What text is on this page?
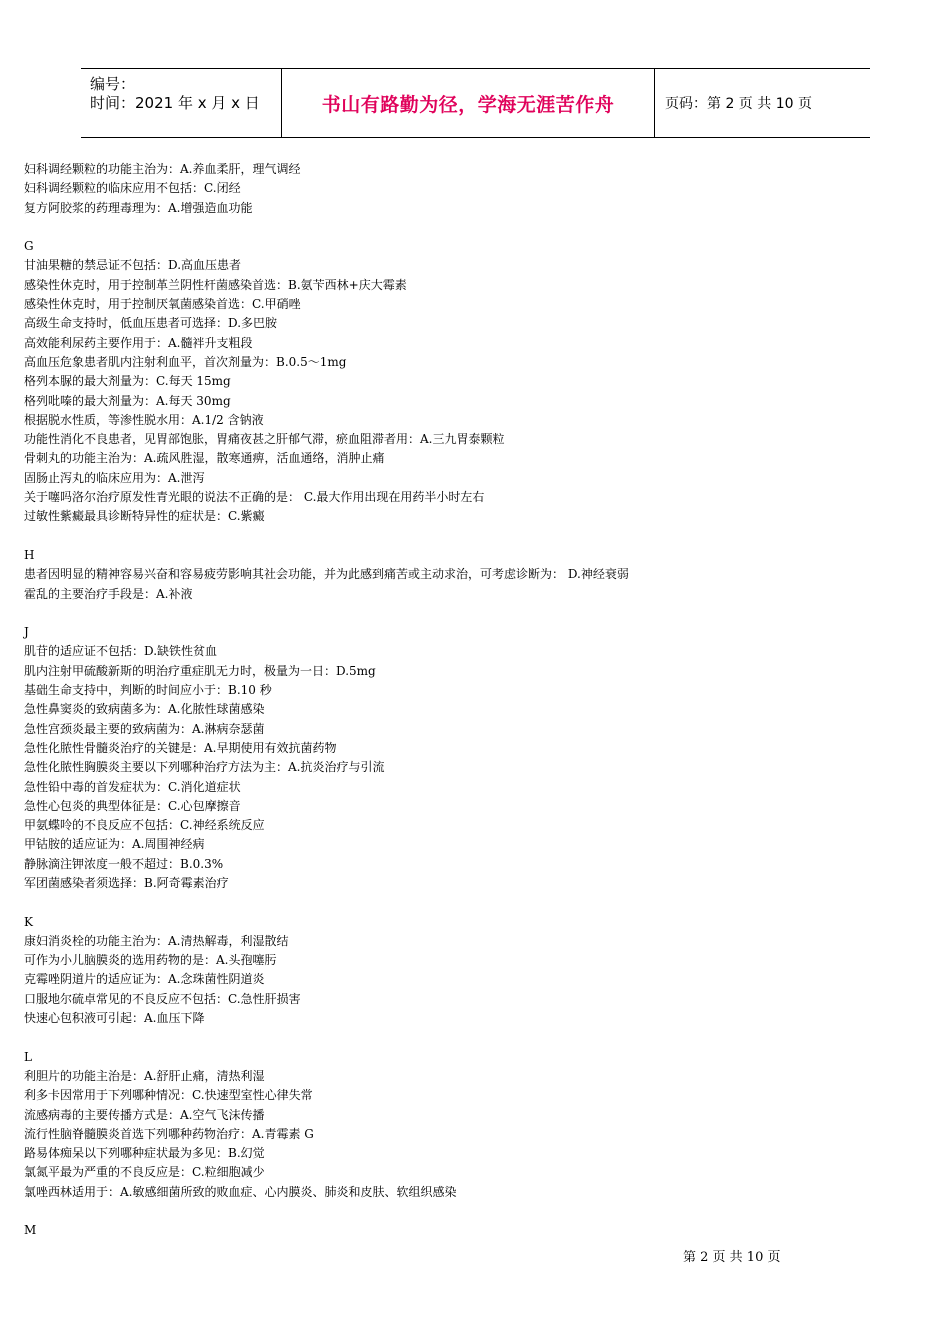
编号：
时间：2021 年 x 月 x 日	书山有路勤为径，学海无涯苦作舟	页码：第 2 页 共 10 页
妇科调经颗粒的功能主治为：A.养血柔肝，理气调经
妇科调经颗粒的临床应用不包括：C.闭经
复方阿胶浆的药理毒理为：A.增强造血功能
G
甘油果糖的禁忌证不包括：D.高血压患者
感染性休克时，用于控制革兰阴性杆菌感染首选：B.氨苄西林+庆大霉素
感染性休克时，用于控制厌氧菌感染首选：C.甲硝唑
高级生命支持时，低血压患者可选择：D.多巴胺
高效能利尿药主要作用于：A.髓袢升支粗段
高血压危象患者肌内注射利血平，首次剂量为：B.0.5～1mg
格列本脲的最大剂量为：C.每天 15mg
格列吡嗪的最大剂量为：A.每天 30mg
根据脱水性质，等渗性脱水用：A.1/2 含钠液
功能性消化不良患者，见胃部饱胀，胃痛夜甚之肝郁气滞，瘀血阻滞者用：A.三九胃泰颗粒
骨刺丸的功能主治为：A.疏风胜湿，散寒通痹，活血通络，消肿止痛
固肠止泻丸的临床应用为：A.泄泻
关于噻吗洛尔治疗原发性青光眼的说法不正确的是： C.最大作用出现在用药半小时左右
过敏性紫癜最具诊断特异性的症状是：C.紫癜
H
患者因明显的精神容易兴奋和容易疲劳影响其社会功能，并为此感到痛苦或主动求治，可考虑诊断为： D.神经衰弱
霍乱的主要治疗手段是：A.补液
J
肌苷的适应证不包括：D.缺铁性贫血
肌内注射甲硫酸新斯的明治疗重症肌无力时，极量为一日：D.5mg
基础生命支持中，判断的时间应小于：B.10 秒
急性鼻窦炎的致病菌多为：A.化脓性球菌感染
急性宫颈炎最主要的致病菌为：A.淋病奈瑟菌
急性化脓性骨髓炎治疗的关键是：A.早期使用有效抗菌药物
急性化脓性胸膜炎主要以下列哪种治疗方法为主：A.抗炎治疗与引流
急性铅中毒的首发症状为：C.消化道症状
急性心包炎的典型体征是：C.心包摩擦音
甲氨蝶呤的不良反应不包括：C.神经系统反应
甲钴胺的适应证为：A.周围神经病
静脉滴注钾浓度一般不超过：B.0.3%
军团菌感染者须选择：B.阿奇霉素治疗
K
康妇消炎栓的功能主治为：A.清热解毒，利湿散结
可作为小儿脑膜炎的选用药物的是：A.头孢噻肟
克霉唑阴道片的适应证为：A.念珠菌性阴道炎
口服地尔硫卓常见的不良反应不包括：C.急性肝损害
快速心包积液可引起：A.血压下降
L
利胆片的功能主治是：A.舒肝止痛，清热利湿
利多卡因常用于下列哪种情况：C.快速型室性心律失常
流感病毒的主要传播方式是：A.空气飞沫传播
流行性脑脊髓膜炎首选下列哪种药物治疗：A.青霉素 G
路易体痴呆以下列哪种症状最为多见：B.幻觉
氯氮平最为严重的不良反应是：C.粒细胞减少
氯唑西林适用于：A.敏感细菌所致的败血症、心内膜炎、肺炎和皮肤、软组织感染
M
第 2 页 共 10 页
